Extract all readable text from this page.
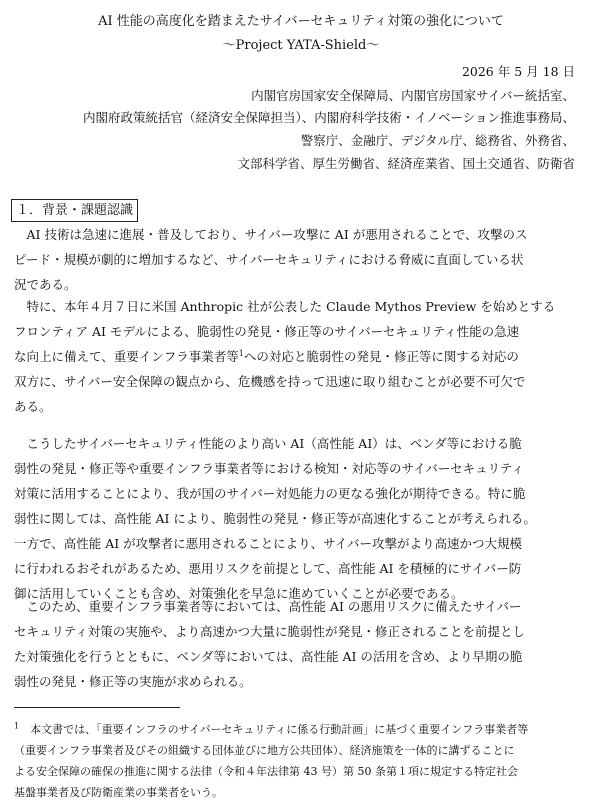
AI 性能の高度化を踏まえたサイバーセキュリティ対策の強化について
～Project YATA-Shield～
2026 年 5 月 18 日
内閣官房国家安全保障局、内閣官房国家サイバー統括室、
内閣府政策統括官（経済安全保障担当）、内閣府科学技術・イノベーション推進事務局、
警察庁、金融庁、デジタル庁、総務省、外務省、
文部科学省、厚生労働省、経済産業省、国土交通省、防衛省
１．背景・課題認識
　AI 技術は急速に進展・普及しており、サイバー攻撃に AI が悪用されることで、攻撃のス
ピード・規模が劇的に増加するなど、サイバーセキュリティにおける脅威に直面している状
況である。
　特に、本年４月７日に米国 Anthropic 社が公表した Claude Mythos Preview を始めとする
フロンティア AI モデルによる、脆弱性の発見・修正等のサイバーセキュリティ性能の急速
な向上に備えて、重要インフラ事業者等$^1$への対応と脆弱性の発見・修正等に関する対応の
双方に、サイバー安全保障の観点から、危機感を持って迅速に取り組むことが必要不可欠で
ある。
　こうしたサイバーセキュリティ性能のより高い AI（高性能 AI）は、ベンダ等における脆
弱性の発見・修正等や重要インフラ事業者等における検知・対応等のサイバーセキュリティ
対策に活用することにより、我が国のサイバー対処能力の更なる強化が期待できる。特に脆
弱性に関しては、高性能 AI により、脆弱性の発見・修正等が高速化することが考えられる。
一方で、高性能 AI が攻撃者に悪用されることにより、サイバー攻撃がより高速かつ大規模
に行われるおそれがあるため、悪用リスクを前提として、高性能 AI を積極的にサイバー防
御に活用していくことも含め、対策強化を早急に進めていくことが必要である。
　このため、重要インフラ事業者等においては、高性能 AI の悪用リスクに備えたサイバー
セキュリティ対策の実施や、より高速かつ大量に脆弱性が発見・修正されることを前提とし
た対策強化を行うとともに、ベンダ等においては、高性能 AI の活用を含め、より早期の脆
弱性の発見・修正等の実施が求められる。
$^1$　本文書では、「重要インフラのサイバーセキュリティに係る行動計画」に基づく重要インフラ事業者等
（重要インフラ事業者及びその組織する団体並びに地方公共団体）、経済施策を一体的に講ずることに
よる安全保障の確保の推進に関する法律（令和４年法律第 43 号）第 50 条第１項に規定する特定社会
基盤事業者及び防衛産業の事業者をいう。
